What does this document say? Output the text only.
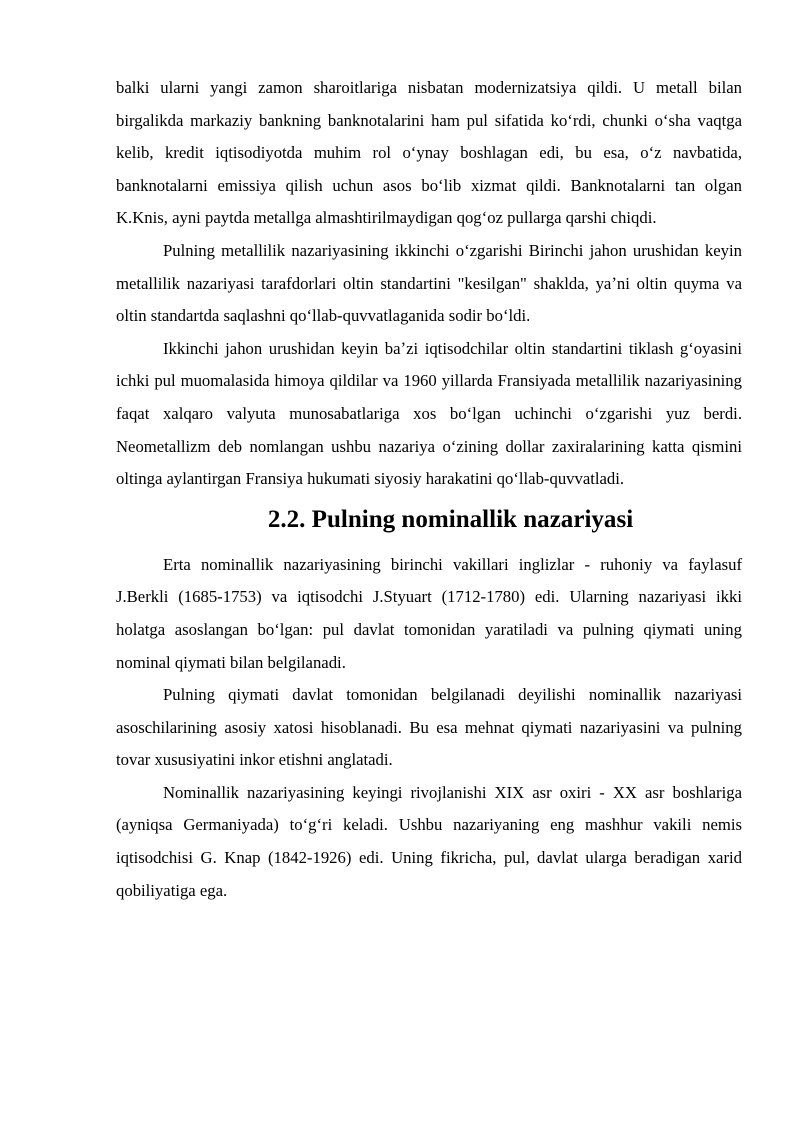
balki ularni yangi zamon sharoitlariga nisbatan modernizatsiya qildi. U metall bilan birgalikda markaziy bankning banknotalarini ham pul sifatida koʻrdi, chunki oʻsha vaqtga kelib, kredit iqtisodiyotda muhim rol oʻynay boshlagan edi, bu esa, oʻz navbatida, banknotalarni emissiya qilish uchun asos boʻlib xizmat qildi. Banknotalarni tan olgan K.Knis, ayni paytda metallga almashtirilmaydigan qogʻoz pullarga qarshi chiqdi.

Pulning metallilik nazariyasining ikkinchi oʻzgarishi Birinchi jahon urushidan keyin metallilik nazariyasi tarafdorlari oltin standartini "kesilgan" shaklda, yaʼni oltin quyma va oltin standartda saqlashni qoʻllab-quvvatlaganida sodir boʻldi.

Ikkinchi jahon urushidan keyin baʼzi iqtisodchilar oltin standartini tiklash gʻoyasini ichki pul muomalasida himoya qildilar va 1960 yillarda Fransiyada metallilik nazariyasining faqat xalqaro valyuta munosabatlariga xos boʻlgan uchinchi oʻzgarishi yuz berdi. Neometallizm deb nomlangan ushbu nazariya oʻzining dollar zaxiralarining katta qismini oltinga aylantirgan Fransiya hukumati siyosiy harakatini qoʻllab-quvvatladi.

2.2. Pulning nominallik nazariyasi

Erta nominallik nazariyasining birinchi vakillari inglizlar - ruhoniy va faylasuf J.Berkli (1685-1753) va iqtisodchi J.Styuart (1712-1780) edi. Ularning nazariyasi ikki holatga asoslangan boʻlgan: pul davlat tomonidan yaratiladi va pulning qiymati uning nominal qiymati bilan belgilanadi.

Pulning qiymati davlat tomonidan belgilanadi deyilishi nominallik nazariyasi asoschilarining asosiy xatosi hisoblanadi. Bu esa mehnat qiymati nazariyasini va pulning tovar xususiyatini inkor etishni anglatadi.

Nominallik nazariyasining keyingi rivojlanishi XIX asr oxiri - XX asr boshlariga (ayniqsa Germaniyada) toʻgʻri keladi. Ushbu nazariyaning eng mashhur vakili nemis iqtisodchisi G. Knap (1842-1926) edi. Uning fikricha, pul, davlat ularga beradigan xarid qobiliyatiga ega.
